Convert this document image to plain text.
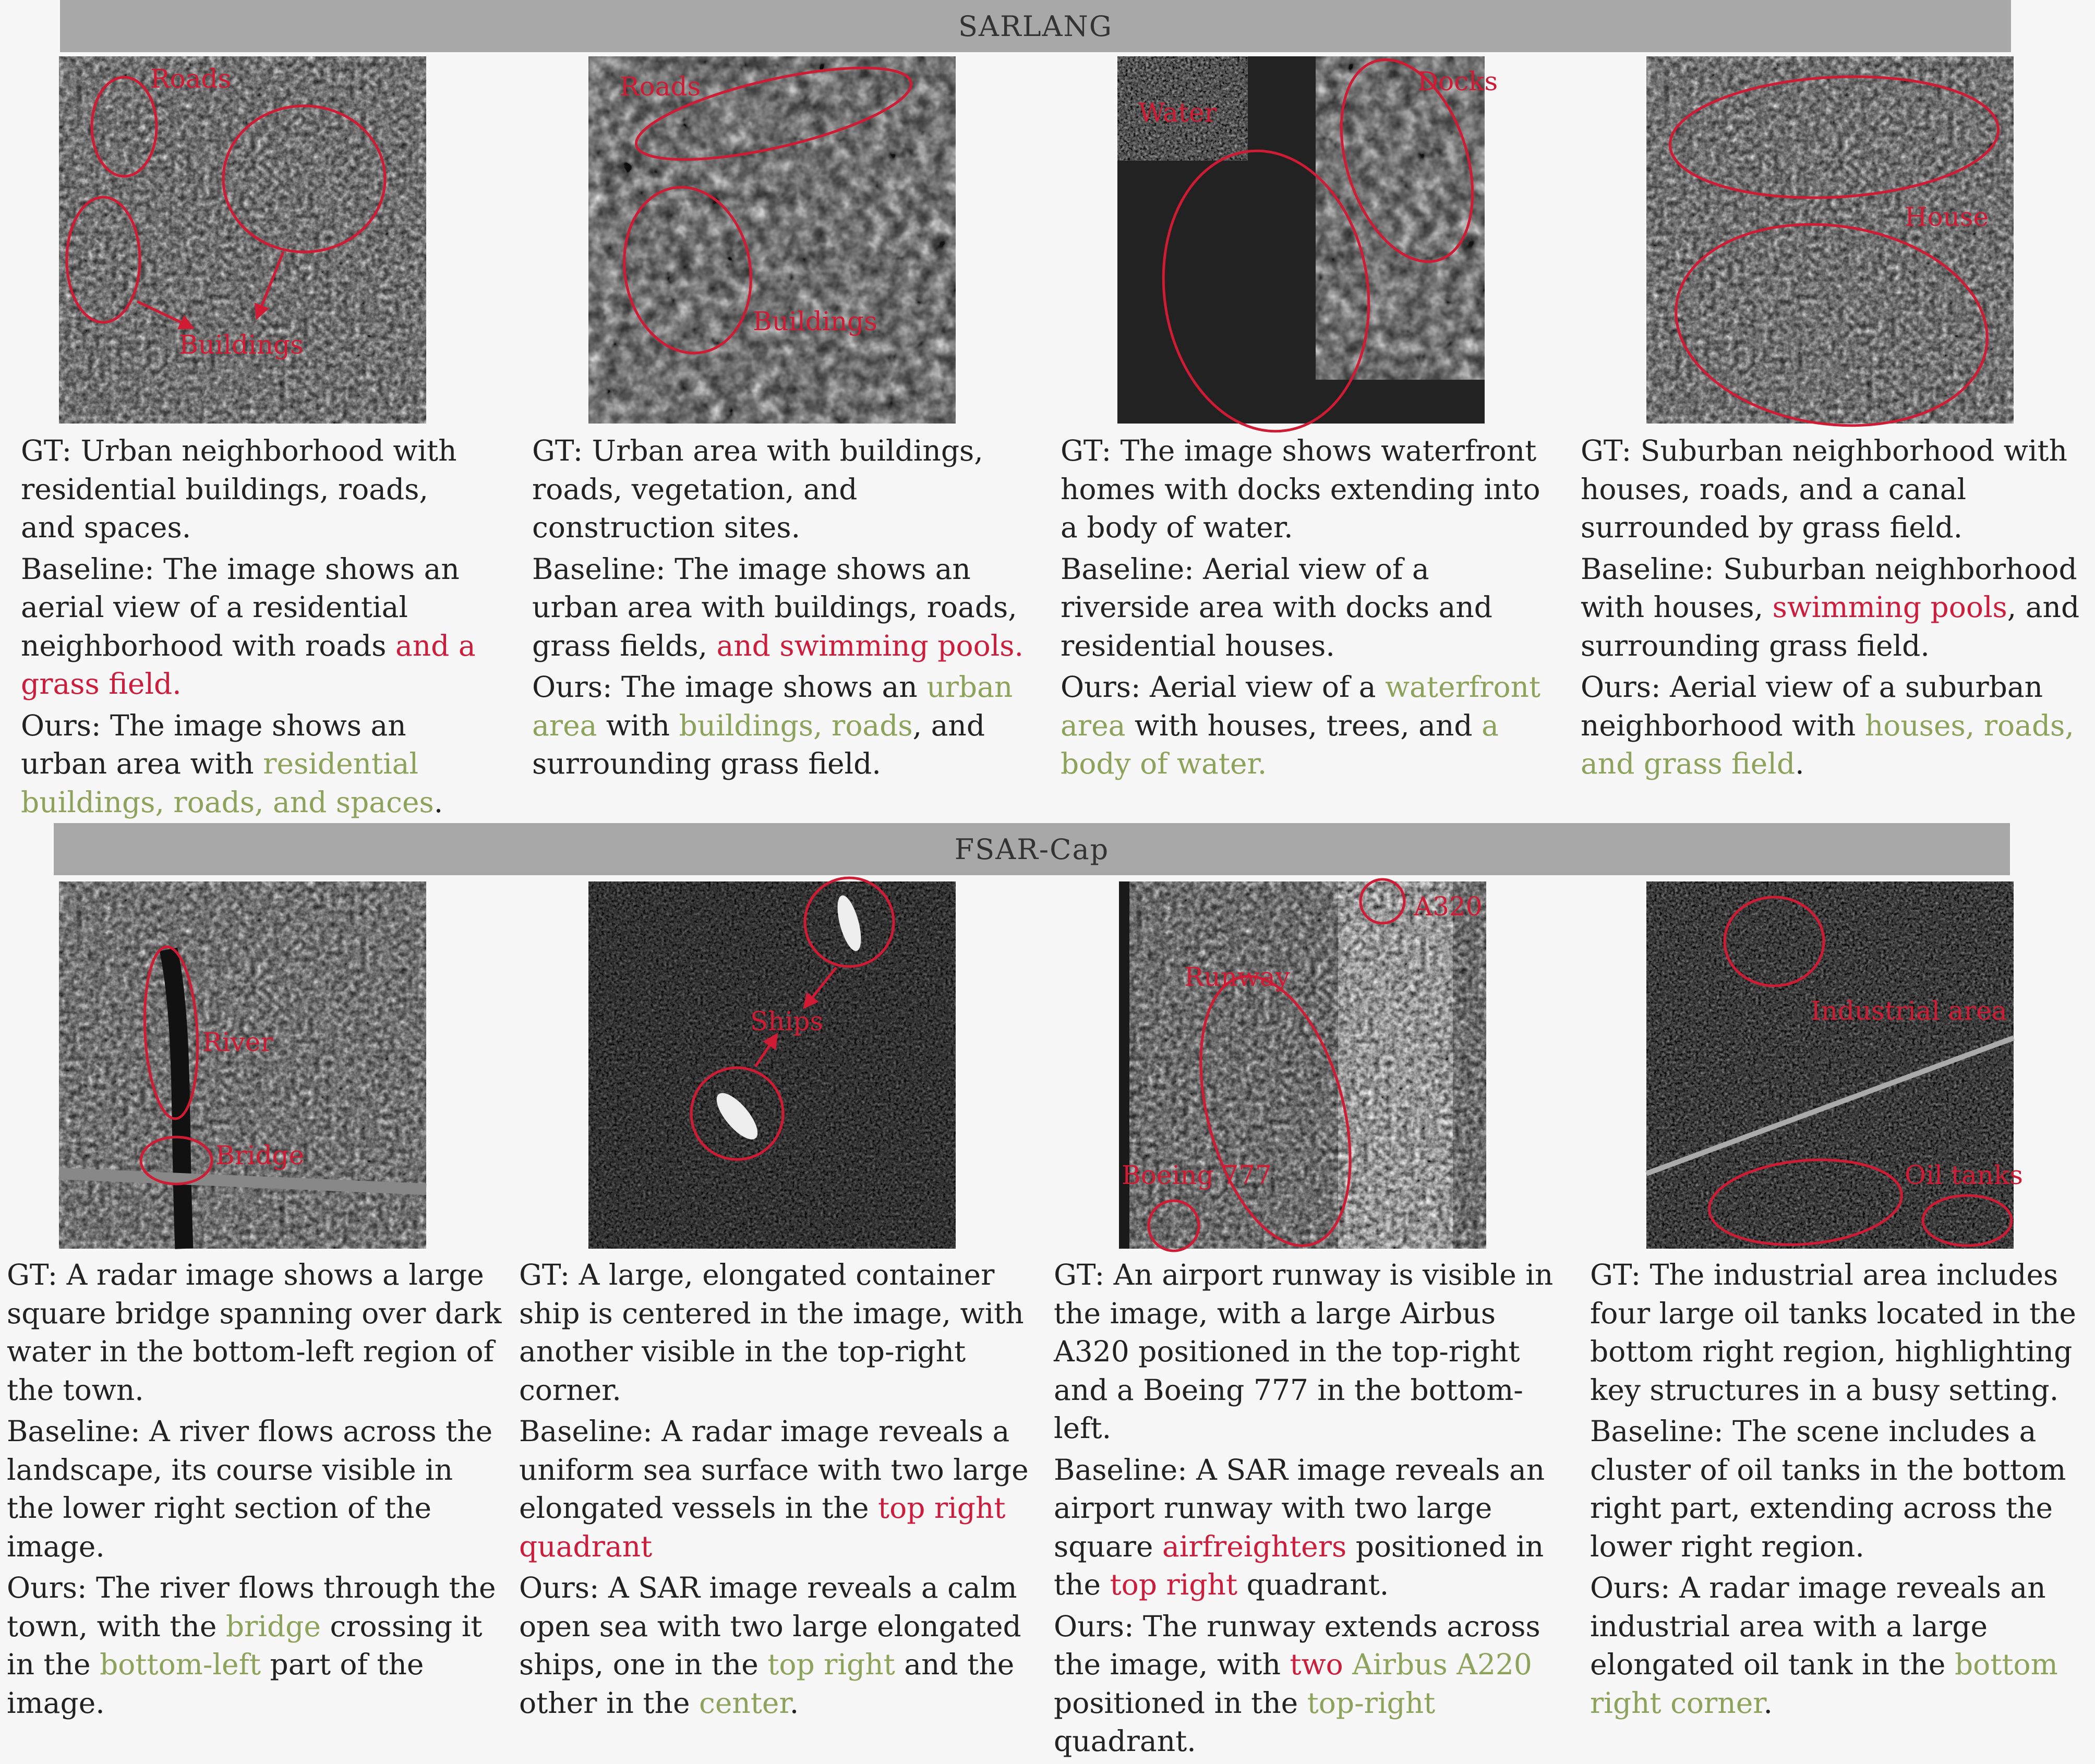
SARLANG
FSAR-Cap
Roads
Buildings
Roads
Buildings
Water
Docks
House

GT: Urban neighborhood with residential buildings, roads, and spaces.

Baseline: The image shows an aerial view of a residential neighborhood with roads and a grass field.

Ours: The image shows an urban area with residential buildings, roads, and spaces.

GT: Urban area with buildings, roads, vegetation, and construction sites.

Baseline: The image shows an urban area with buildings, roads, grass fields, and swimming pools.

Ours: The image shows an urban area with buildings, roads, and surrounding grass field.

GT: The image shows waterfront homes with docks extending into a body of water.

Baseline: Aerial view of a riverside area with docks and residential houses.

Ours: Aerial view of a waterfront area with houses, trees, and a body of water.

GT: Suburban neighborhood with houses, roads, and a canal surrounded by grass field.

Baseline: Suburban neighborhood with houses, swimming pools, and surrounding grass field.

Ours: Aerial view of a suburban neighborhood with houses, roads, and grass field.

River
Bridge
Ships
A320
Runway
Boeing 777
Industrial area
Oil tanks

GT: A radar image shows a large square bridge spanning over dark water in the bottom-left region of the town.

Baseline: A river flows across the landscape, its course visible in the lower right section of the image.

Ours: The river flows through the town, with the bridge crossing it in the bottom-left part of the image.

GT: A large, elongated container ship is centered in the image, with another visible in the top-right corner.

Baseline: A radar image reveals a uniform sea surface with two large elongated vessels in the top right quadrant

Ours: A SAR image reveals a calm open sea with two large elongated ships, one in the top right and the other in the center.

GT: An airport runway is visible in the image, with a large Airbus A320 positioned in the top-right and a Boeing 777 in the bottom-left.

Baseline: A SAR image reveals an airport runway with two large square airfreighters positioned in the top right quadrant.

Ours: The runway extends across the image, with two Airbus A220 positioned in the top-right quadrant.

GT: The industrial area includes four large oil tanks located in the bottom right region, highlighting key structures in a busy setting.

Baseline: The scene includes a cluster of oil tanks in the bottom right part, extending across the lower right region.

Ours: A radar image reveals an industrial area with a large elongated oil tank in the bottom right corner.
